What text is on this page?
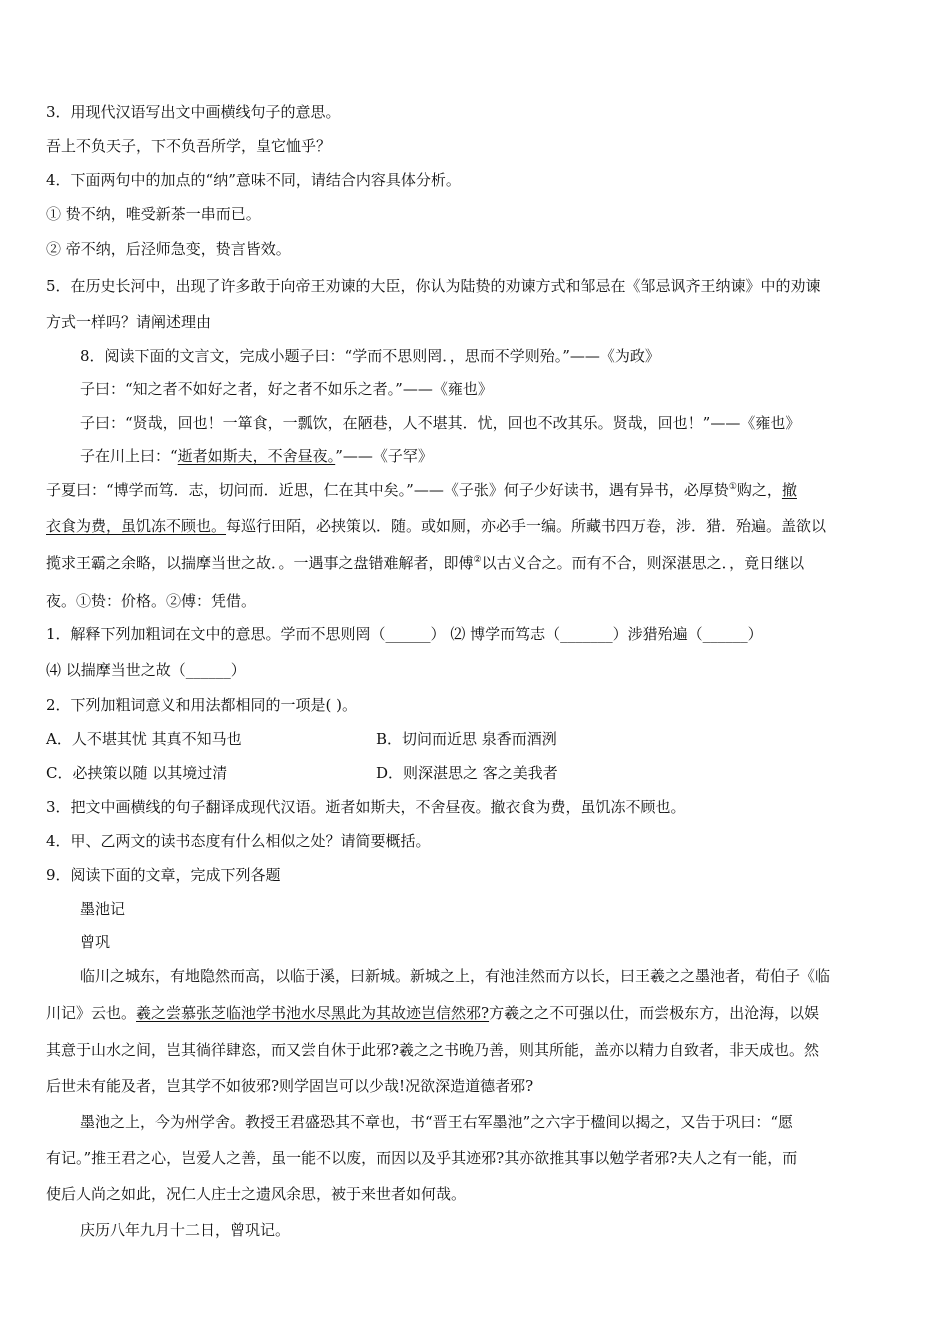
3．用现代汉语写出文中画横线句子的意思。
吾上不负天子，下不负吾所学，皇它恤乎？
4．下面两句中的加点的“纳”意味不同，请结合内容具体分析。
① 贽不纳，唯受新茶一串而已。
② 帝不纳，后泾师急变，贽言皆效。
5．在历史长河中，出现了许多敢于向帝王劝谏的大臣，你认为陆贽的劝谏方式和邹忌在《邹忌讽齐王纳谏》中的劝谏
方式一样吗？请阐述理由
8．阅读下面的文言文，完成小题子曰：“学而不思则罔．，思而不学则殆。”——《为政》
子曰：“知之者不如好之者，好之者不如乐之者。”——《雍也》
子曰：“贤哉，回也！一箪食，一瓢饮，在陋巷，人不堪其．忧，回也不改其乐。贤哉，回也！”——《雍也》
子在川上曰：“逝者如斯夫，不舍昼夜。”——《子罕》
子夏曰：“博学而笃．志，切问而．近思，仁在其中矣。”——《子张》何子少好读书，遇有异书，必厚贽①购之，撤
衣食为费，虽饥冻不顾也。每巡行田陌，必挟策以．随。或如厕，亦必手一编。所藏书四万卷，涉．猎．殆遍。盖欲以
揽求王霸之余略，以揣摩当世之故．。一遇事之盘错难解者，即傅②以古义合之。而有不合，则深湛思之．，竟日继以
夜。①贽：价格。②傅：凭借。
1．解释下列加粗词在文中的意思。学而不思则罔（______） ⑵ 博学而笃志（_______）涉猎殆遍（______）
⑷ 以揣摩当世之故（______）
2．下列加粗词意义和用法都相同的一项是( )。
A．人不堪其忧 其真不知马也	B．切问而近思 泉香而酒洌
C．必挟策以随 以其境过清	D．则深湛思之 客之美我者
3．把文中画横线的句子翻译成现代汉语。逝者如斯夫，不舍昼夜。撤衣食为费，虽饥冻不顾也。
4．甲、乙两文的读书态度有什么相似之处？请简要概括。
9．阅读下面的文章，完成下列各题
墨池记
曾巩
临川之城东，有地隐然而高，以临于溪，曰新城。新城之上，有池洼然而方以长，曰王羲之之墨池者，荀伯子《临
川记》云也。羲之尝慕张芝临池学书池水尽黑此为其故迹岂信然邪?方羲之之不可强以仕，而尝极东方，出沧海，以娱
其意于山水之间，岂其徜徉肆恣，而又尝自休于此邪?羲之之书晚乃善，则其所能，盖亦以精力自致者，非天成也。然
后世未有能及者，岂其学不如彼邪?则学固岂可以少哉!况欲深造道德者邪?
墨池之上，今为州学舍。教授王君盛恐其不章也，书“晋王右军墨池”之六字于楹间以揭之，又告于巩曰：“愿
有记。”推王君之心，岂爱人之善，虽一能不以废，而因以及乎其迹邪?其亦欲推其事以勉学者邪?夫人之有一能，而
使后人尚之如此，况仁人庄士之遗风余思，被于来世者如何哉。
庆历八年九月十二日，曾巩记。
